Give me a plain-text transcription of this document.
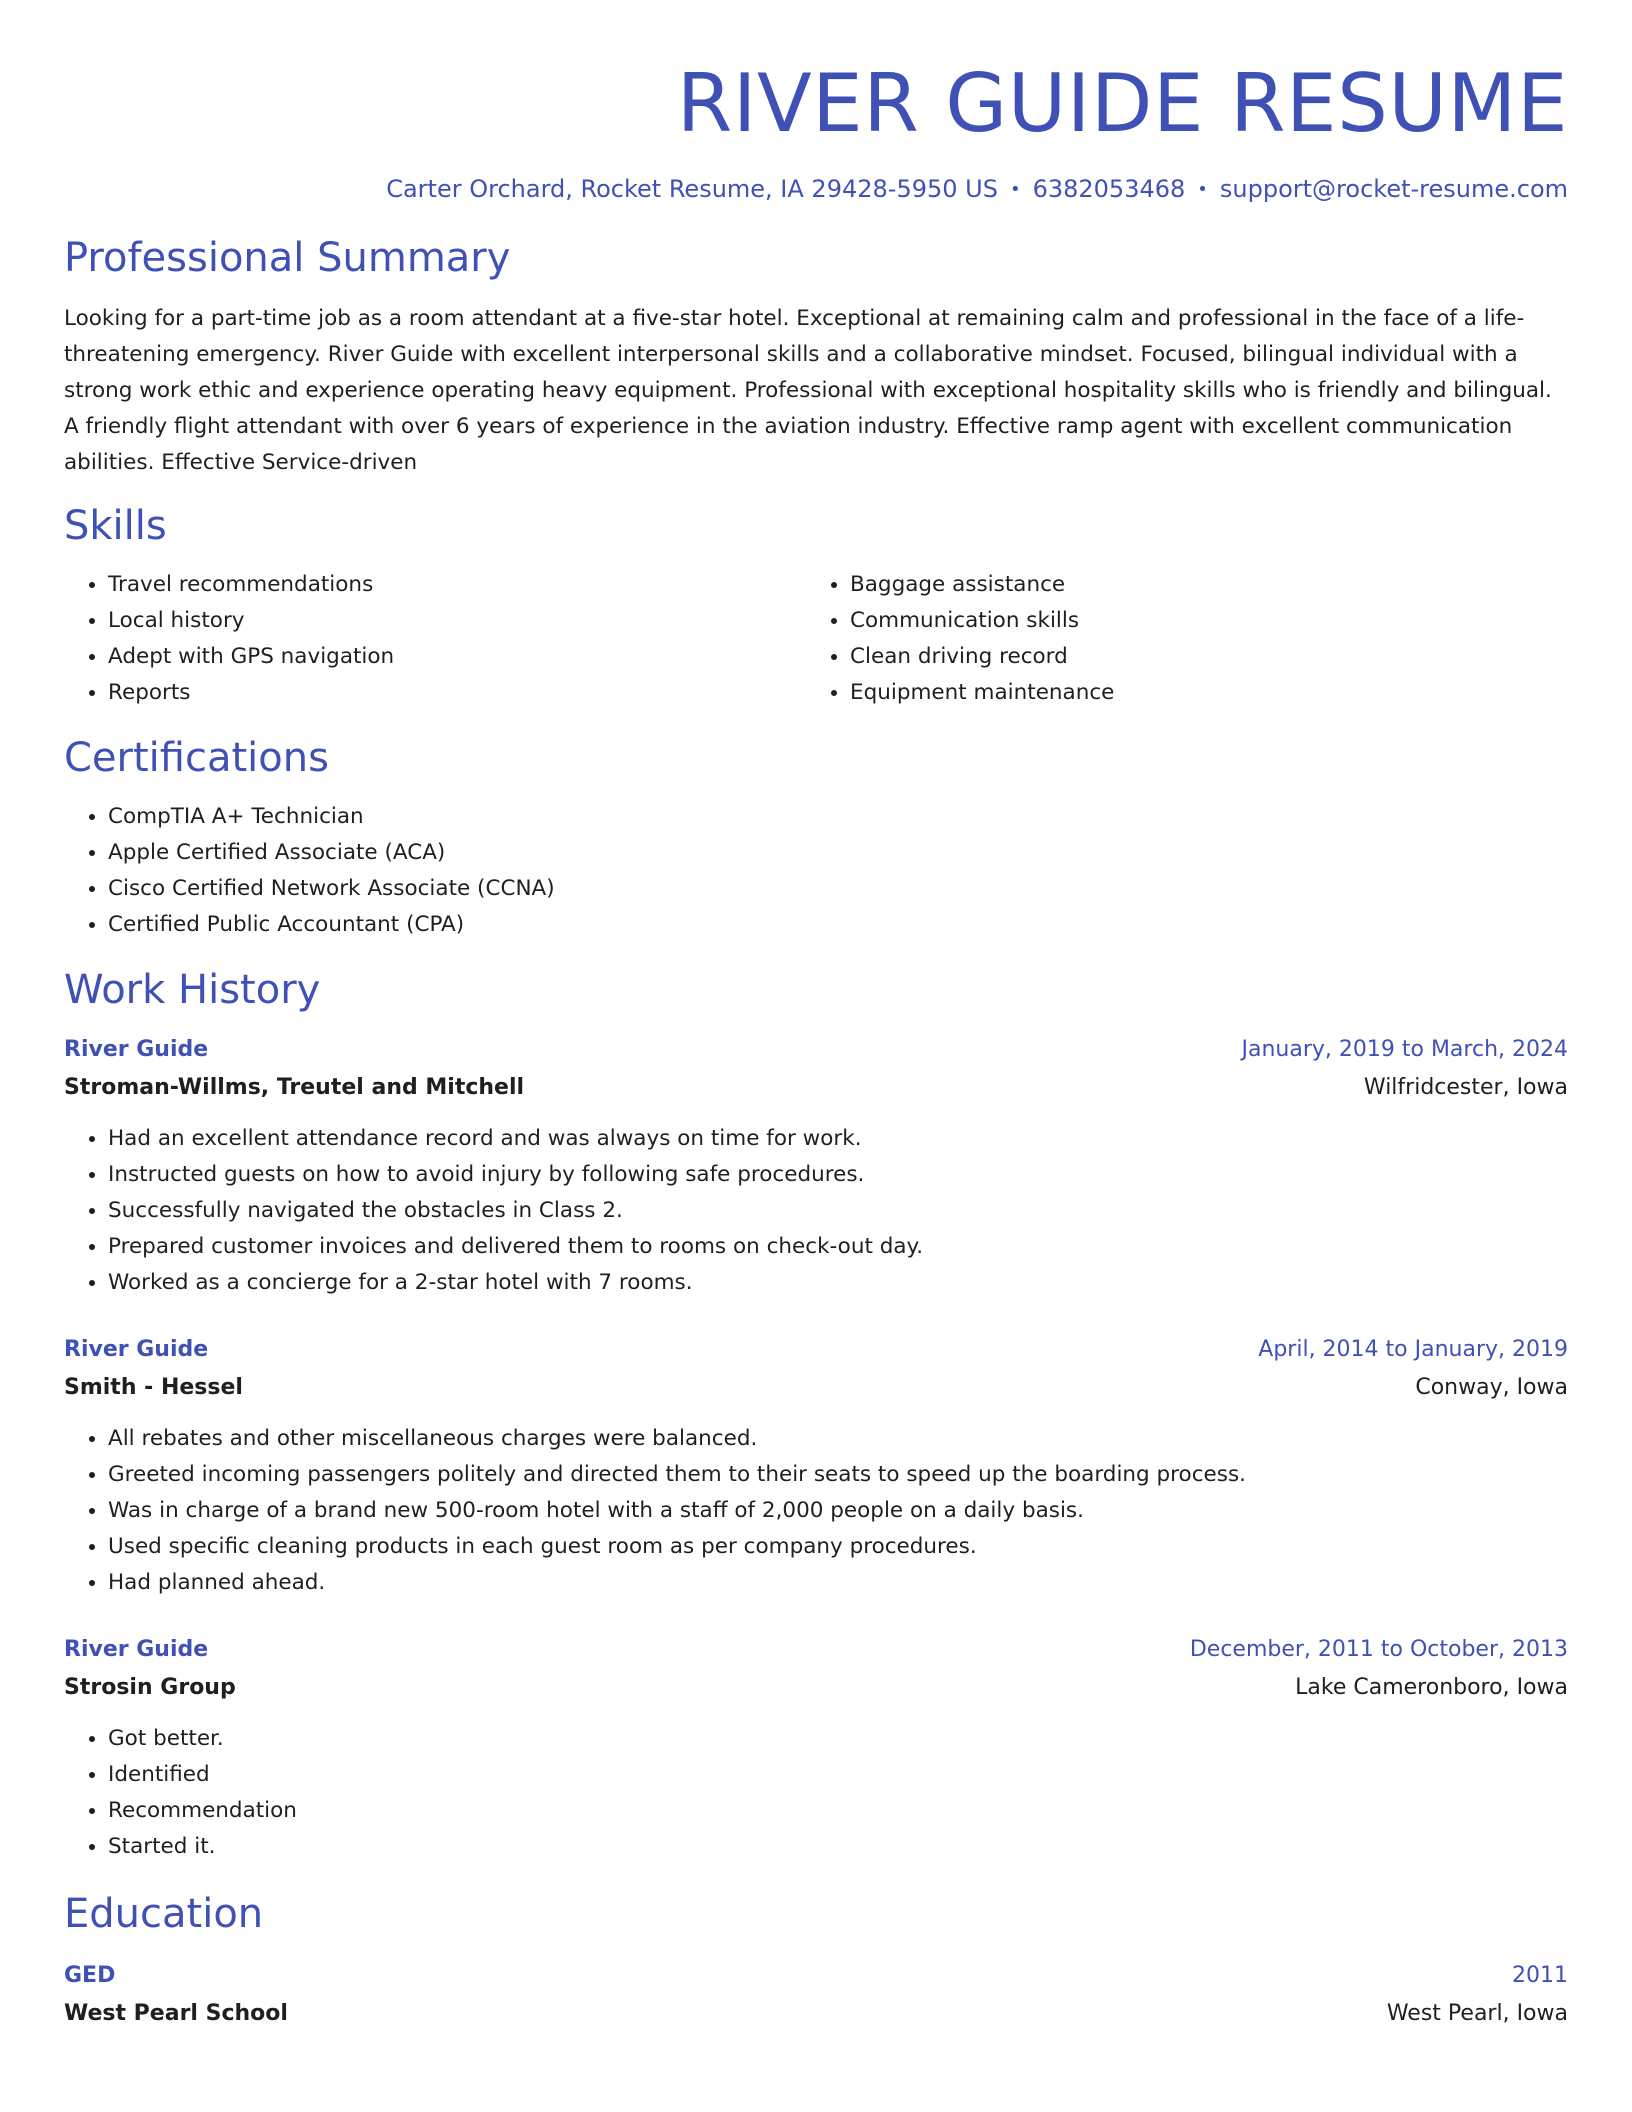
RIVER GUIDE RESUME
Carter Orchard, Rocket Resume, IA 29428-5950 US • 6382053468 • support@rocket-resume.com
Professional Summary
Looking for a part-time job as a room attendant at a five-star hotel. Exceptional at remaining calm and professional in the face of a life-threatening emergency. River Guide with excellent interpersonal skills and a collaborative mindset. Focused, bilingual individual with a strong work ethic and experience operating heavy equipment. Professional with exceptional hospitality skills who is friendly and bilingual. A friendly flight attendant with over 6 years of experience in the aviation industry. Effective ramp agent with excellent communication abilities. Effective Service-driven
Skills
• Travel recommendations
• Local history
• Adept with GPS navigation
• Reports
• Baggage assistance
• Communication skills
• Clean driving record
• Equipment maintenance
Certifications
• CompTIA A+ Technician
• Apple Certified Associate (ACA)
• Cisco Certified Network Associate (CCNA)
• Certified Public Accountant (CPA)
Work History
River Guide	January, 2019 to March, 2024
Stroman-Willms, Treutel and Mitchell	Wilfridcester, Iowa
• Had an excellent attendance record and was always on time for work.
• Instructed guests on how to avoid injury by following safe procedures.
• Successfully navigated the obstacles in Class 2.
• Prepared customer invoices and delivered them to rooms on check-out day.
• Worked as a concierge for a 2-star hotel with 7 rooms.
River Guide	April, 2014 to January, 2019
Smith - Hessel	Conway, Iowa
• All rebates and other miscellaneous charges were balanced.
• Greeted incoming passengers politely and directed them to their seats to speed up the boarding process.
• Was in charge of a brand new 500-room hotel with a staff of 2,000 people on a daily basis.
• Used specific cleaning products in each guest room as per company procedures.
• Had planned ahead.
River Guide	December, 2011 to October, 2013
Strosin Group	Lake Cameronboro, Iowa
• Got better.
• Identified
• Recommendation
• Started it.
Education
GED	2011
West Pearl School	West Pearl, Iowa
